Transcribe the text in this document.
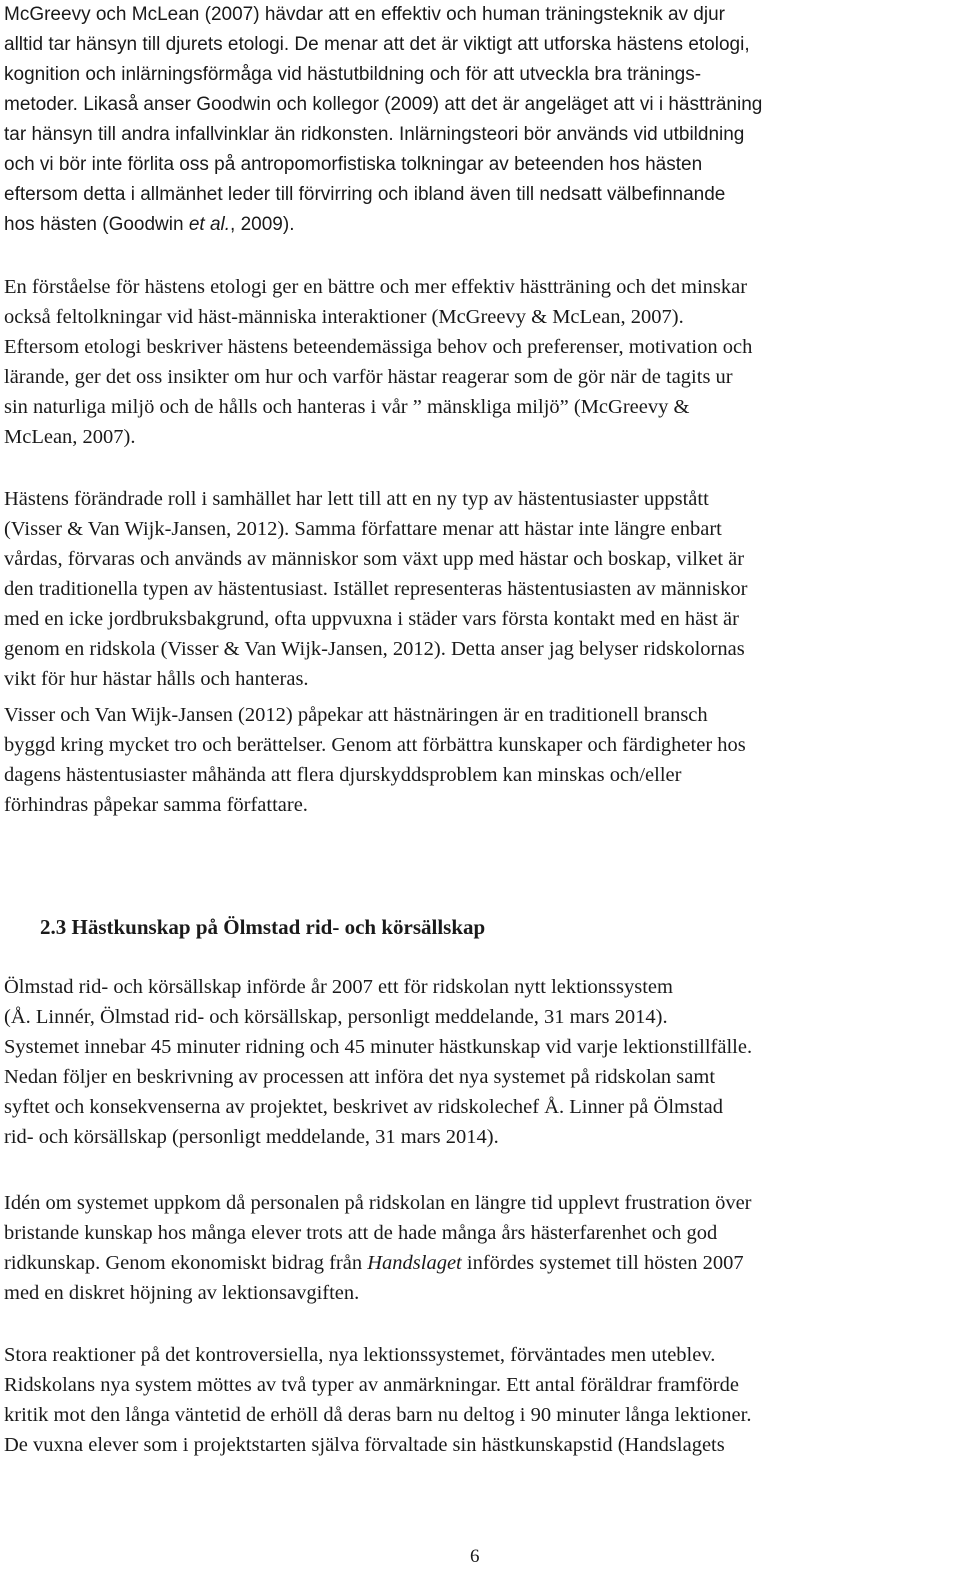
McGreevy och McLean (2007) hävdar att en effektiv och human träningsteknik av djur
alltid tar hänsyn till djurets etologi. De menar att det är viktigt att utforska hästens etologi,
kognition och inlärningsförmåga vid hästutbildning och för att utveckla bra tränings-
metoder. Likaså anser Goodwin och kollegor (2009) att det är angeläget att vi i hästträning
tar hänsyn till andra infallvinklar än ridkonsten. Inlärningsteori bör används vid utbildning
och vi bör inte förlita oss på antropomorfistiska tolkningar av beteenden hos hästen
eftersom detta i allmänhet leder till förvirring och ibland även till nedsatt välbefinnande
hos hästen (Goodwin et al., 2009).

En förståelse för hästens etologi ger en bättre och mer effektiv hästträning och det minskar
också feltolkningar vid häst-människa interaktioner (McGreevy & McLean, 2007).
Eftersom etologi beskriver hästens beteendemässiga behov och preferenser, motivation och
lärande, ger det oss insikter om hur och varför hästar reagerar som de gör när de tagits ur
sin naturliga miljö och de hålls och hanteras i vår ” mänskliga miljö” (McGreevy &
McLean, 2007).

Hästens förändrade roll i samhället har lett till att en ny typ av hästentusiaster uppstått
(Visser & Van Wijk-Jansen, 2012). Samma författare menar att hästar inte längre enbart
vårdas, förvaras och används av människor som växt upp med hästar och boskap, vilket är
den traditionella typen av hästentusiast. Istället representeras hästentusiasten av människor
med en icke jordbruksbakgrund, ofta uppvuxna i städer vars första kontakt med en häst är
genom en ridskola (Visser & Van Wijk-Jansen, 2012). Detta anser jag belyser ridskolornas
vikt för hur hästar hålls och hanteras.

Visser och Van Wijk-Jansen (2012) påpekar att hästnäringen är en traditionell bransch
byggd kring mycket tro och berättelser. Genom att förbättra kunskaper och färdigheter hos
dagens hästentusiaster måhända att flera djurskyddsproblem kan minskas och/eller
förhindras påpekar samma författare.

2.3 Hästkunskap på Ölmstad rid- och körsällskap

Ölmstad rid- och körsällskap införde år 2007 ett för ridskolan nytt lektionssystem
(Å. Linnér, Ölmstad rid- och körsällskap, personligt meddelande, 31 mars 2014).
Systemet innebar 45 minuter ridning och 45 minuter hästkunskap vid varje lektionstillfälle.
Nedan följer en beskrivning av processen att införa det nya systemet på ridskolan samt
syftet och konsekvenserna av projektet, beskrivet av ridskolechef Å. Linner på Ölmstad
rid- och körsällskap (personligt meddelande, 31 mars 2014).

Idén om systemet uppkom då personalen på ridskolan en längre tid upplevt frustration över
bristande kunskap hos många elever trots att de hade många års hästerfarenhet och god
ridkunskap. Genom ekonomiskt bidrag från Handslaget infördes systemet till hösten 2007
med en diskret höjning av lektionsavgiften.

Stora reaktioner på det kontroversiella, nya lektionssystemet, förväntades men uteblev.
Ridskolans nya system möttes av två typer av anmärkningar. Ett antal föräldrar framförde
kritik mot den långa väntetid de erhöll då deras barn nu deltog i 90 minuter långa lektioner.
De vuxna elever som i projektstarten själva förvaltade sin hästkunskapstid (Handslagets

6
